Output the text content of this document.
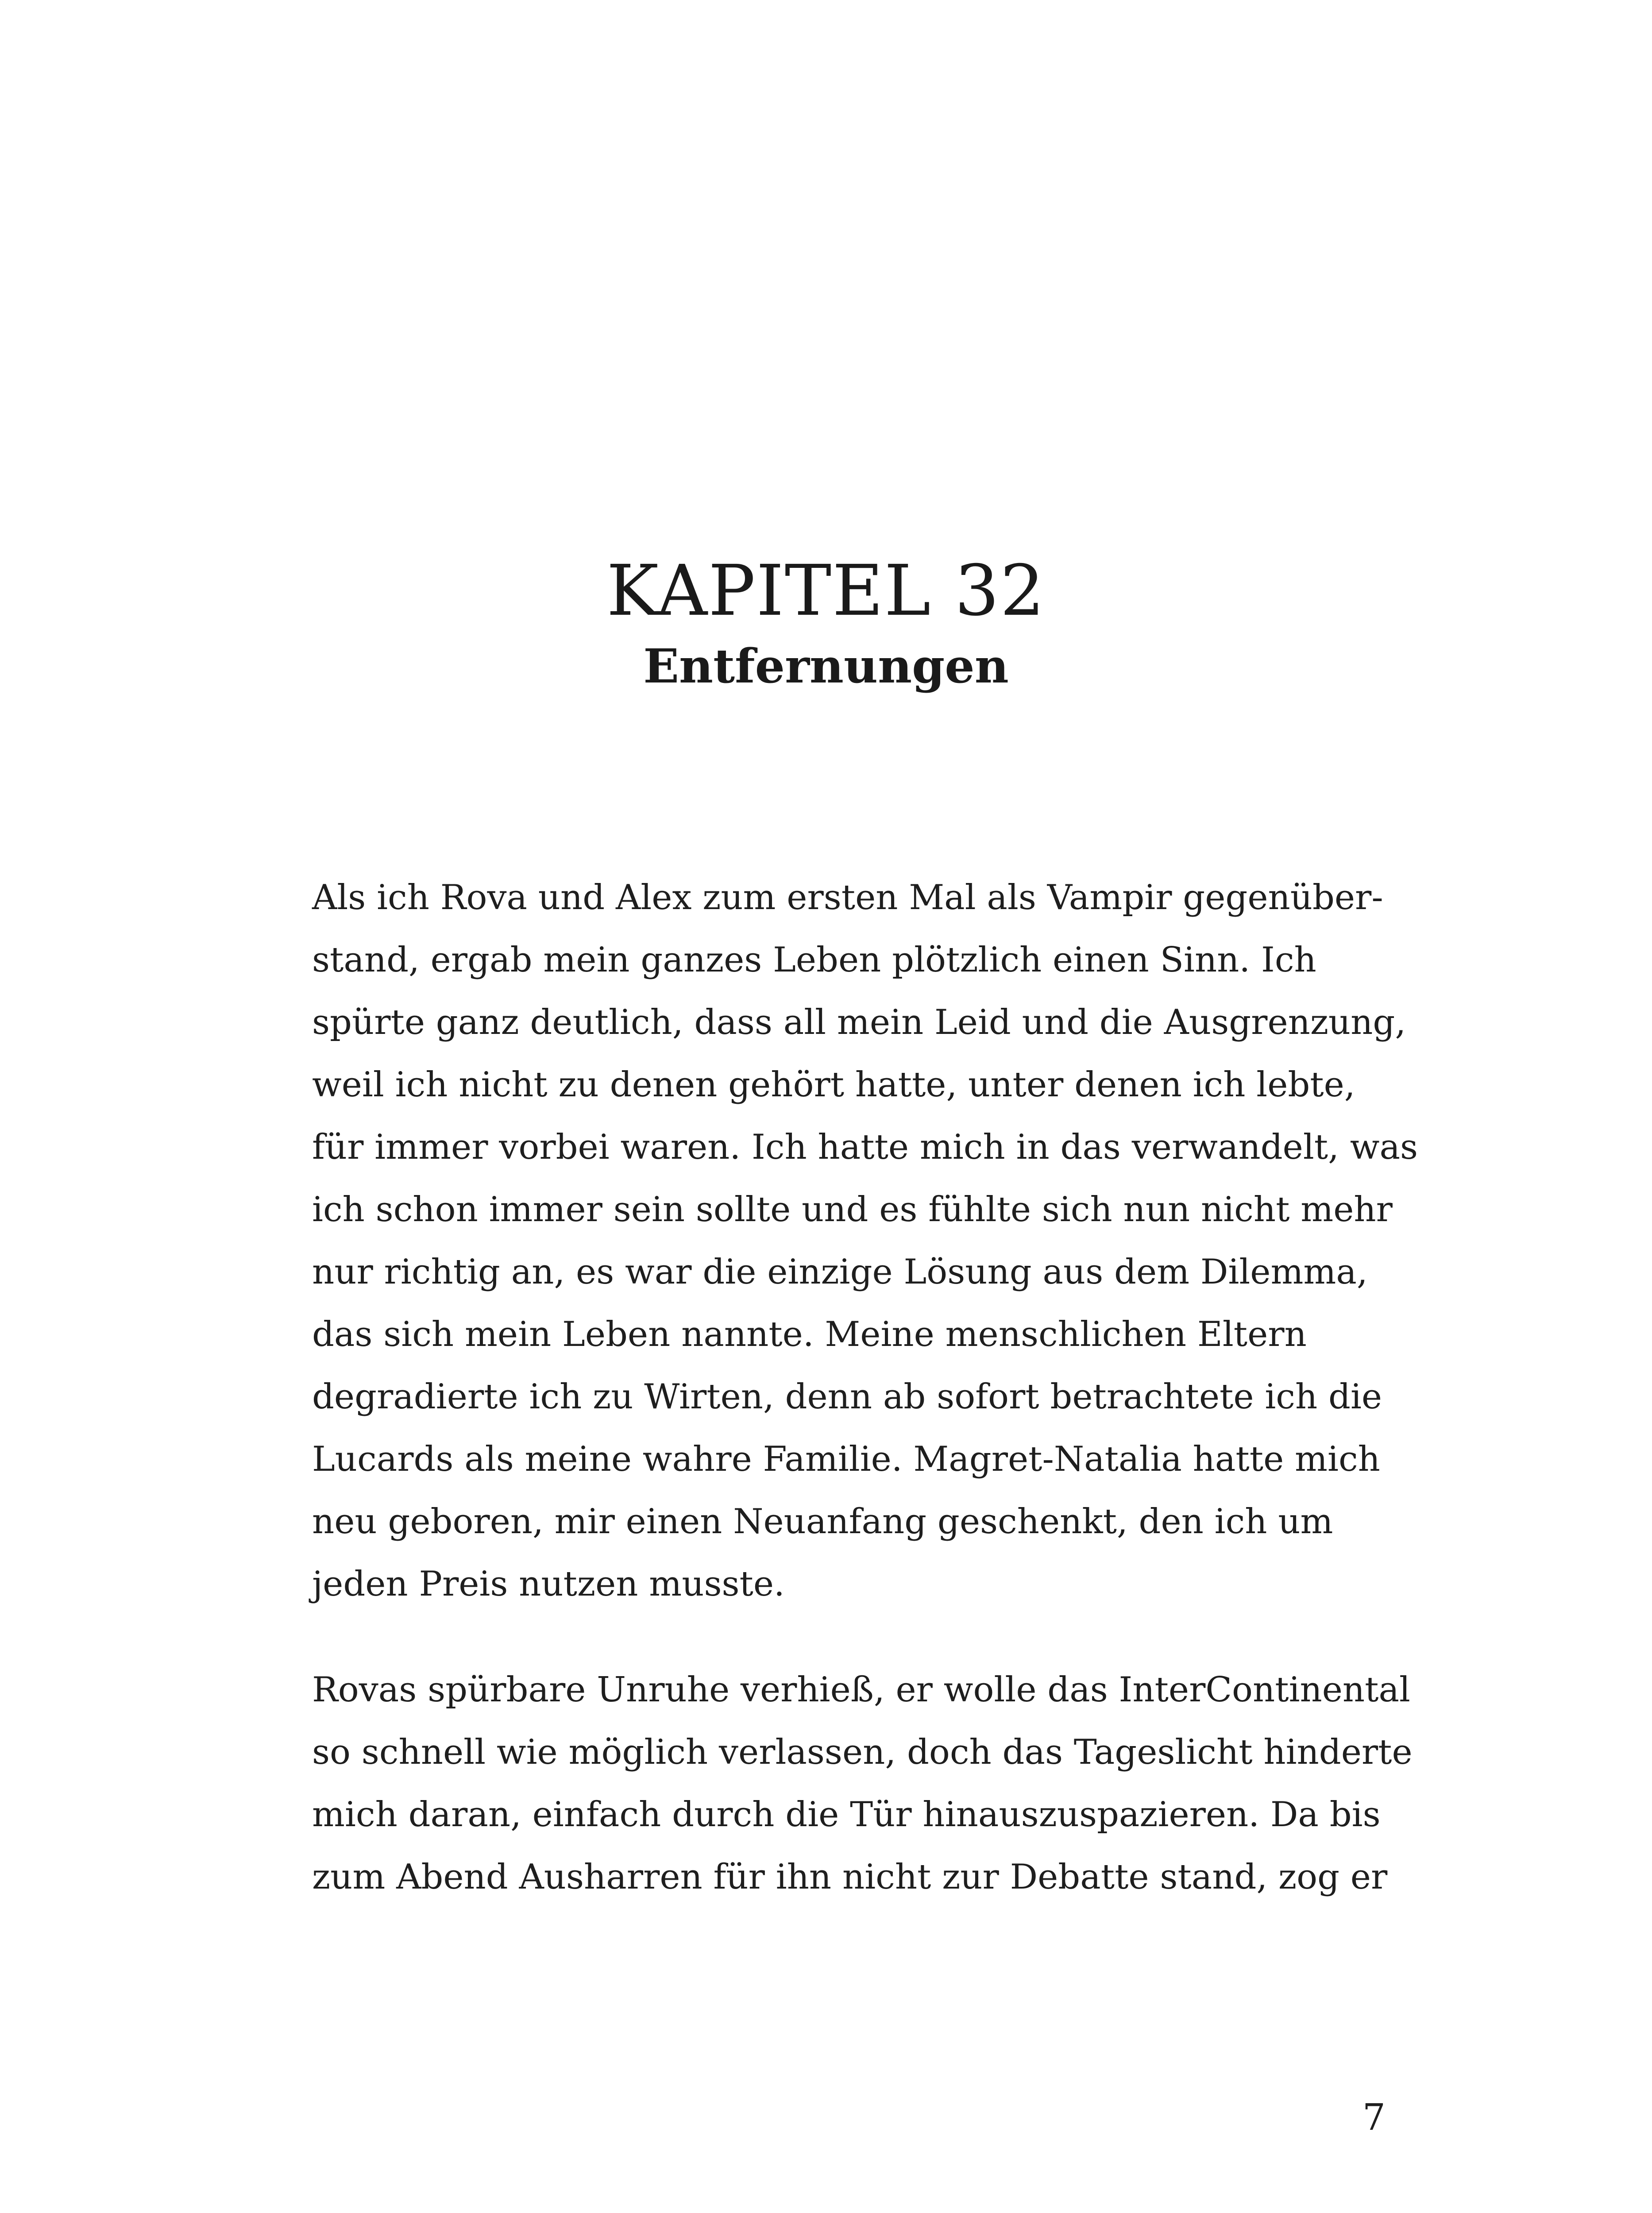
KAPITEL 32
Entfernungen
Als ich Rova und Alex zum ersten Mal als Vampir gegenüber-
stand, ergab mein ganzes Leben plötzlich einen Sinn. Ich
spürte ganz deutlich, dass all mein Leid und die Ausgrenzung,
weil ich nicht zu denen gehört hatte, unter denen ich lebte,
für immer vorbei waren. Ich hatte mich in das verwandelt, was
ich schon immer sein sollte und es fühlte sich nun nicht mehr
nur richtig an, es war die einzige Lösung aus dem Dilemma,
das sich mein Leben nannte. Meine menschlichen Eltern
degradierte ich zu Wirten, denn ab sofort betrachtete ich die
Lucards als meine wahre Familie. Magret-Natalia hatte mich
neu geboren, mir einen Neuanfang geschenkt, den ich um
jeden Preis nutzen musste.
Rovas spürbare Unruhe verhieß, er wolle das InterContinental
so schnell wie möglich verlassen, doch das Tageslicht hinderte
mich daran, einfach durch die Tür hinauszuspazieren. Da bis
zum Abend Ausharren für ihn nicht zur Debatte stand, zog er
7
